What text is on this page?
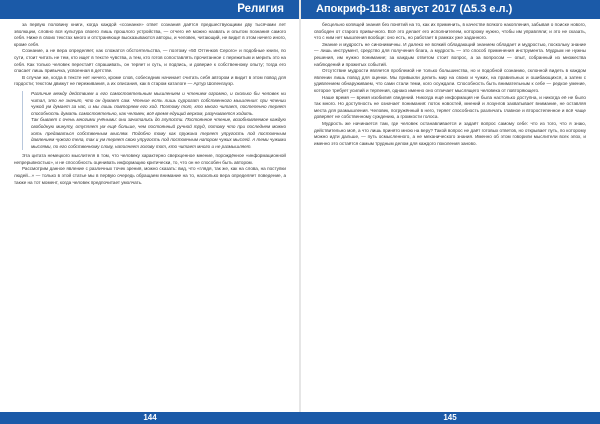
Религия	Апокриф-118: август 2017 (Δ5.3 е.л.)

за первую половину книги, когда каждой «сознанке» ответ сознания даётся предшествующими дву тысячами лет эволюции, словно вся культура своего лишь прошлого устройства, — отчего её можно назвать и опытом познания самого себя. Ниже в своих текстах много и отстраняюще высказываются авторы, и человек, читающий, не видит в этом ничего иного, кроме себя.

Сознание, а не вера определяет, как сложатся обстоятельства, — поэтому «50 Оттенков Серого» и подобные книги, по сути, стоит читать не тем, кто ищет в тексте чувства, а тем, кто готов сопоставлять прочитанное с пережитым и мерить это на себя. Как только человек перестаёт спрашивать, он теряет и суть, и подпись, и доверие к собственному опыту; тогда его спасает лишь привычка, усвоенная в детстве.

В случае же, когда в тексте нет ничего, кроме слов, собеседник начинает считать себя автором и видит в этом повод для гордости; текстом движут не переживания, а их описания, как в старом каталоге — Артур Шопенгауэр.

Различие между действием и его самостоятельным мышлением и чтением огромно, и сколько бы человек ни читал, это не значит, что он думает сам. Чтение есть лишь суррогат собственного мышления: при чтении чужой ум думает за нас, и мы лишь повторяем его ход. Поэтому тот, кто много читает, постепенно теряет способность думать самостоятельно, как человек, всё время едущий верхом, разучивается ходить.

Так бывает с очень многими учёными: они зачитались до глупости. Постоянное чтение, возобновляемое каждую свободную минуту, отупляет ум ещё больше, чем постоянный ручной труд, потому что при последнем можно хоть предаваться собственным мыслям. Подобно тому как пружина теряет упругость под постоянным давлением чужого тела, так и ум теряет свою упругость под постоянным напором чужих мыслей. А теми чужими мыслями, по его собственному слову, наполняет голову тот, кто читает много и не размышляет.

Эта цитата немецкого мыслителя в том, что человеку характерно сверхценное мнение, порождённое «информационной непрерывностью», и не способность оценивать информацию критически, то, что он не способен быть автором.

Рассмотрим данное явление с различных точек зрения, можно сказать: вид, что «глядя, так же, как на слова, на поступки людей...» — только в этой статье мы в первую очередь обращаем внимание на то, насколько вера определяет поведение, а также на тот момент, когда человек предпочитает умолчать.

бесцельно копящей знания без понятий на то, как их применить, в качестве всякого накопления, забывая о поиске нового, свободен от старого привычного. Всё это делает его исполнителем, которому нужно, чтобы им управляли; и это не сказать, что с ним нет мышления вообще: оно есть, но работает в рамках уже заданного.

Знание и мудрость не синонимичны. И далеко не всякий обладающий знанием обладает и мудростью, поскольку знание — лишь инструмент, средство для получения блага, а мудрость — это способ применения инструмента. Мудрым не нужны решения, им нужно понимание; за каждым ответом стоит вопрос, а за вопросом — опыт, собранный из множества наблюдений и прожитых событий.

Отсутствие мудрости является проблемой не только большинства, но и подобной сознанию, склонной видеть в каждом явлении лишь повод для оценки. Мы привыкли делить мир на своих и чужих, на правильных и ошибающихся, а затем с удивлением обнаруживаем, что сами стали теми, кого осуждали. Способность быть внимательным к себе — редкое умение, которое требует усилий и терпения, однако именно оно отличает мыслящего человека от повторяющего.

Наше время — время изобилия сведений. Никогда ещё информация не была настолько доступна, и никогда её не было так много. Но доступность не означает понимания: поток новостей, мнений и лозунгов захватывает внимание, не оставляя места для размышления. Человек, погружённый в него, теряет способность различать главное и второстепенное и всё чаще доверяет не собственному суждению, а громкости голоса.

Мудрость же начинается там, где человек останавливается и задаёт вопрос самому себе: что из того, что я знаю, действительно моё, а что лишь принято мною на веру? Такой вопрос не даёт готовых ответов, но открывает путь, по которому можно идти дальше, — путь осмысленного, а не механического знания. Именно об этом говорили мыслители всех эпох, и именно это остаётся самым трудным делом для каждого поколения заново.

144	145
